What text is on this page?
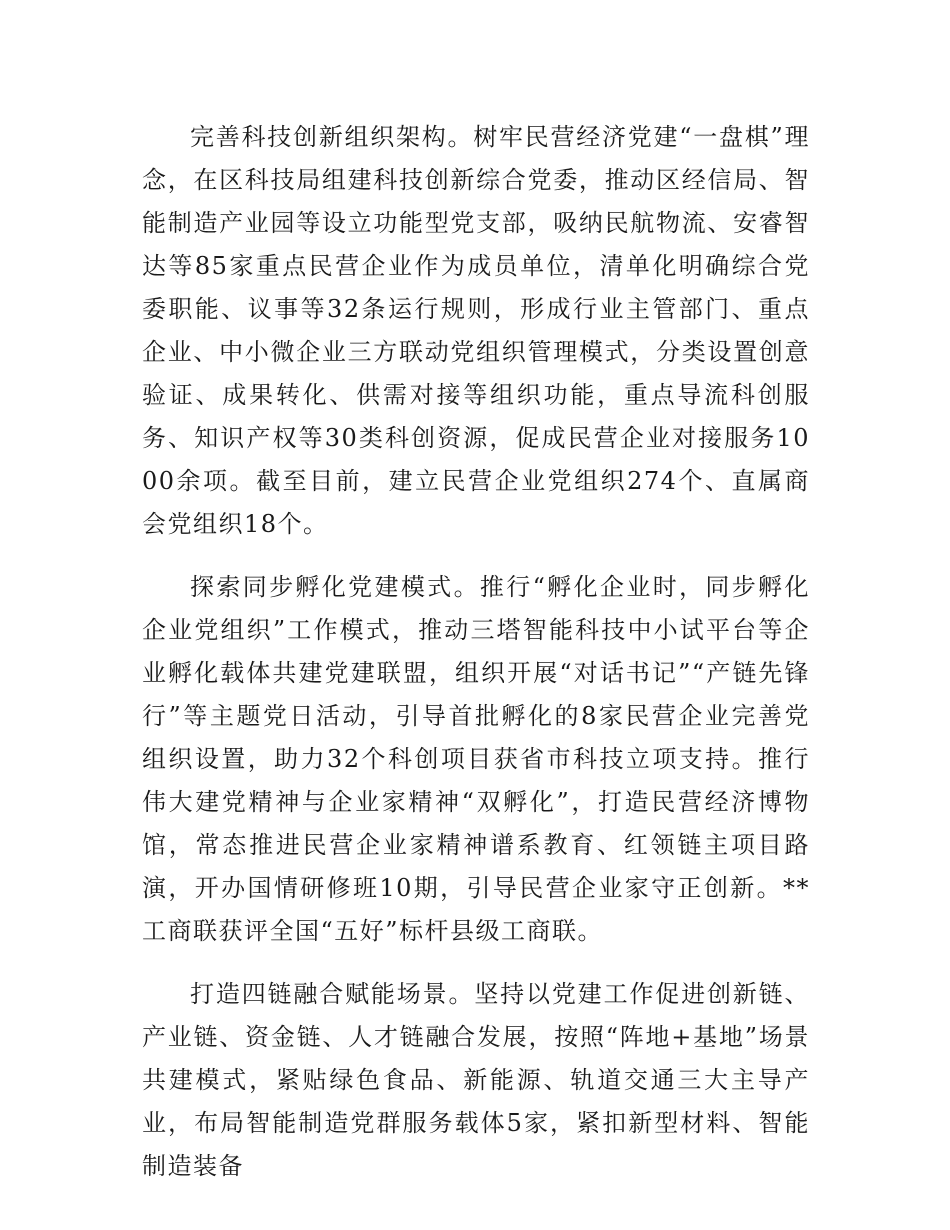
完善科技创新组织架构。树牢民营经济党建“一盘棋”理念，在区科技局组建科技创新综合党委，推动区经信局、智能制造产业园等设立功能型党支部，吸纳民航物流、安睿智达等85家重点民营企业作为成员单位，清单化明确综合党委职能、议事等32条运行规则，形成行业主管部门、重点企业、中小微企业三方联动党组织管理模式，分类设置创意验证、成果转化、供需对接等组织功能，重点导流科创服务、知识产权等30类科创资源，促成民营企业对接服务1000余项。截至目前，建立民营企业党组织274个、直属商会党组织18个。

探索同步孵化党建模式。推行“孵化企业时，同步孵化企业党组织”工作模式，推动三塔智能科技中小试平台等企业孵化载体共建党建联盟，组织开展“对话书记”“产链先锋行”等主题党日活动，引导首批孵化的8家民营企业完善党组织设置，助力32个科创项目获省市科技立项支持。推行伟大建党精神与企业家精神“双孵化”，打造民营经济博物馆，常态推进民营企业家精神谱系教育、红领链主项目路演，开办国情研修班10期，引导民营企业家守正创新。**工商联获评全国“五好”标杆县级工商联。

打造四链融合赋能场景。坚持以党建工作促进创新链、产业链、资金链、人才链融合发展，按照“阵地+基地”场景共建模式，紧贴绿色食品、新能源、轨道交通三大主导产业，布局智能制造党群服务载体5家，紧扣新型材料、智能制造装备
